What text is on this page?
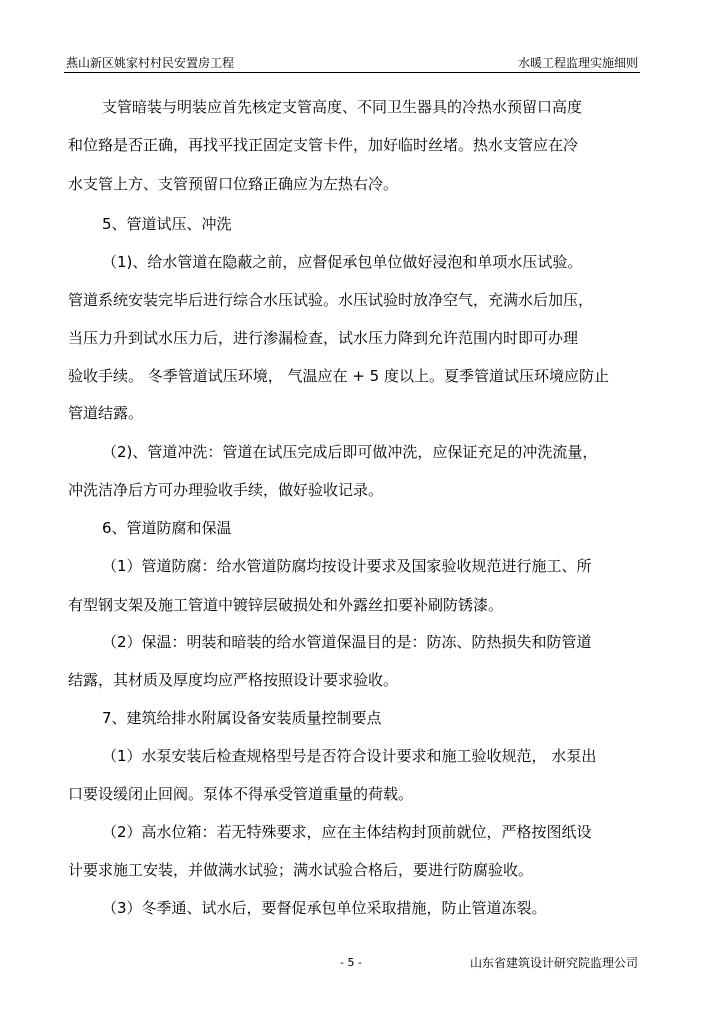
燕山新区姚家村村民安置房工程	水暖工程监理实施细则
支管暗装与明装应首先核定支管高度、不同卫生器具的冷热水预留口高度
和位臵是否正确，再找平找正固定支管卡件，加好临时丝堵。热水支管应在冷
水支管上方、支管预留口位臵正确应为左热右冷。
5、管道试压、冲洗
（1)、给水管道在隐蔽之前，应督促承包单位做好浸泡和单项水压试验。
管道系统安装完毕后进行综合水压试验。水压试验时放净空气，充满水后加压，
当压力升到试水压力后，进行渗漏检查，试水压力降到允许范围内时即可办理
验收手续。 冬季管道试压环境， 气温应在 + 5 度以上。夏季管道试压环境应防止
管道结露。
（2)、管道冲洗：管道在试压完成后即可做冲洗，应保证充足的冲洗流量，
冲洗洁净后方可办理验收手续，做好验收记录。
6、管道防腐和保温
（1）管道防腐：给水管道防腐均按设计要求及国家验收规范进行施工、所
有型钢支架及施工管道中镀锌层破损处和外露丝扣要补刷防锈漆。
（2）保温：明装和暗装的给水管道保温目的是：防冻、防热损失和防管道
结露，其材质及厚度均应严格按照设计要求验收。
7、建筑给排水附属设备安装质量控制要点
（1）水泵安装后检查规格型号是否符合设计要求和施工验收规范， 水泵出
口要设缓闭止回阀。泵体不得承受管道重量的荷载。
（2）高水位箱：若无特殊要求，应在主体结构封顶前就位，严格按图纸设
计要求施工安装，并做满水试验；满水试验合格后，要进行防腐验收。
（3）冬季通、试水后，要督促承包单位采取措施，防止管道冻裂。
- 5 -	山东省建筑设计研究院监理公司
